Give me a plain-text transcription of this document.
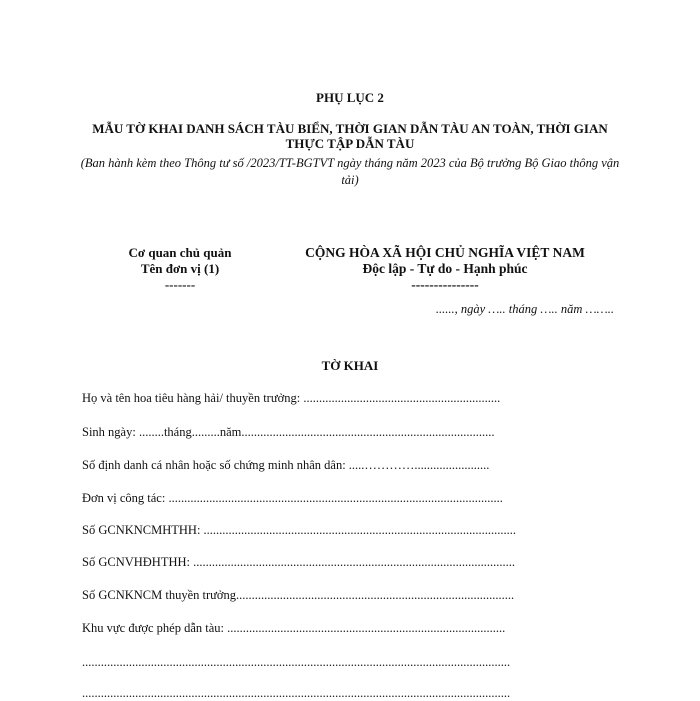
PHỤ LỤC 2
MẪU TỜ KHAI DANH SÁCH TÀU BIỂN, THỜI GIAN DẪN TÀU AN TOÀN, THỜI GIAN THỰC TẬP DẪN TÀU
(Ban hành kèm theo Thông tư số /2023/TT-BGTVT ngày tháng năm 2023 của Bộ trưởng Bộ Giao thông vận tải)
Cơ quan chủ quản
Tên đơn vị (1)
-------
CỘNG HÒA XÃ HỘI CHỦ NGHĨA VIỆT NAM
Độc lập - Tự do - Hạnh phúc
---------------
......, ngày ….. tháng ….. năm ……..
TỜ KHAI
Họ và tên hoa tiêu hàng hải/ thuyền trưởng: ...............................................................
Sinh ngày: ........tháng.........năm.................................................................................
Số định danh cá nhân hoặc số chứng minh nhân dân: .....…………........................
Đơn vị công tác: ...........................................................................................................
Số GCNKNCMHTHH: ....................................................................................................
Số GCNVHĐHTHH: .......................................................................................................
Số GCNKNCM thuyền trưởng.........................................................................................
Khu vực được phép dẫn tàu: .........................................................................................
.........................................................................................................................................
.........................................................................................................................................
